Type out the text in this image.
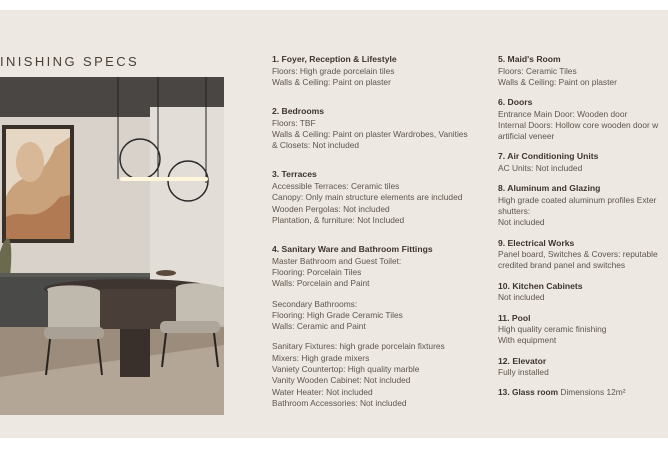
INISHING SPECS	1. Foyer, Reception & Lifestyle

Floors: High grade porcelain tiles

Walls & Ceiling: Paint on plaster

2. Bedrooms

Floors: TBF

Walls & Ceiling: Paint on plaster Wardrobes, Vanities

& Closets: Not included

3. Terraces

Accessible Terraces: Ceramic tiles

Canopy: Only main structure elements are included

Wooden Pergolas: Not included

Plantation, & furniture: Not Included

4. Sanitary Ware and Bathroom Fittings

Master Bathroom and Guest Toilet:

Flooring: Porcelain Tiles

Walls: Porcelain and Paint

Secondary Bathrooms:

Flooring: High Grade Ceramic Tiles

Walls: Ceramic and Paint

Sanitary Fixtures: high grade porcelain fixtures

Mixers: High grade mixers

Vaniety Countertop: High quality marble

Vanity Wooden Cabinet: Not included

Water Heater: Not included

Bathroom Accessories: Not included

5. Maid's Room

Floors: Ceramic Tiles

Walls & Ceiling: Paint on plaster

6. Doors

Entrance Main Door: Wooden door

Internal Doors: Hollow core wooden door w

artificial veneer

7. Air Conditioning Units

AC Units: Not included

8. Aluminum and Glazing

High grade coated aluminum profiles Exter

shutters:

Not included

9. Electrical Works

Panel board, Switches & Covers: reputable

credited brand panel and switches

10. Kitchen Cabinets

Not included

11. Pool

High quality ceramic finishing

With equipment

12. Elevator

Fully installed

13. Glass room Dimensions 12m²
